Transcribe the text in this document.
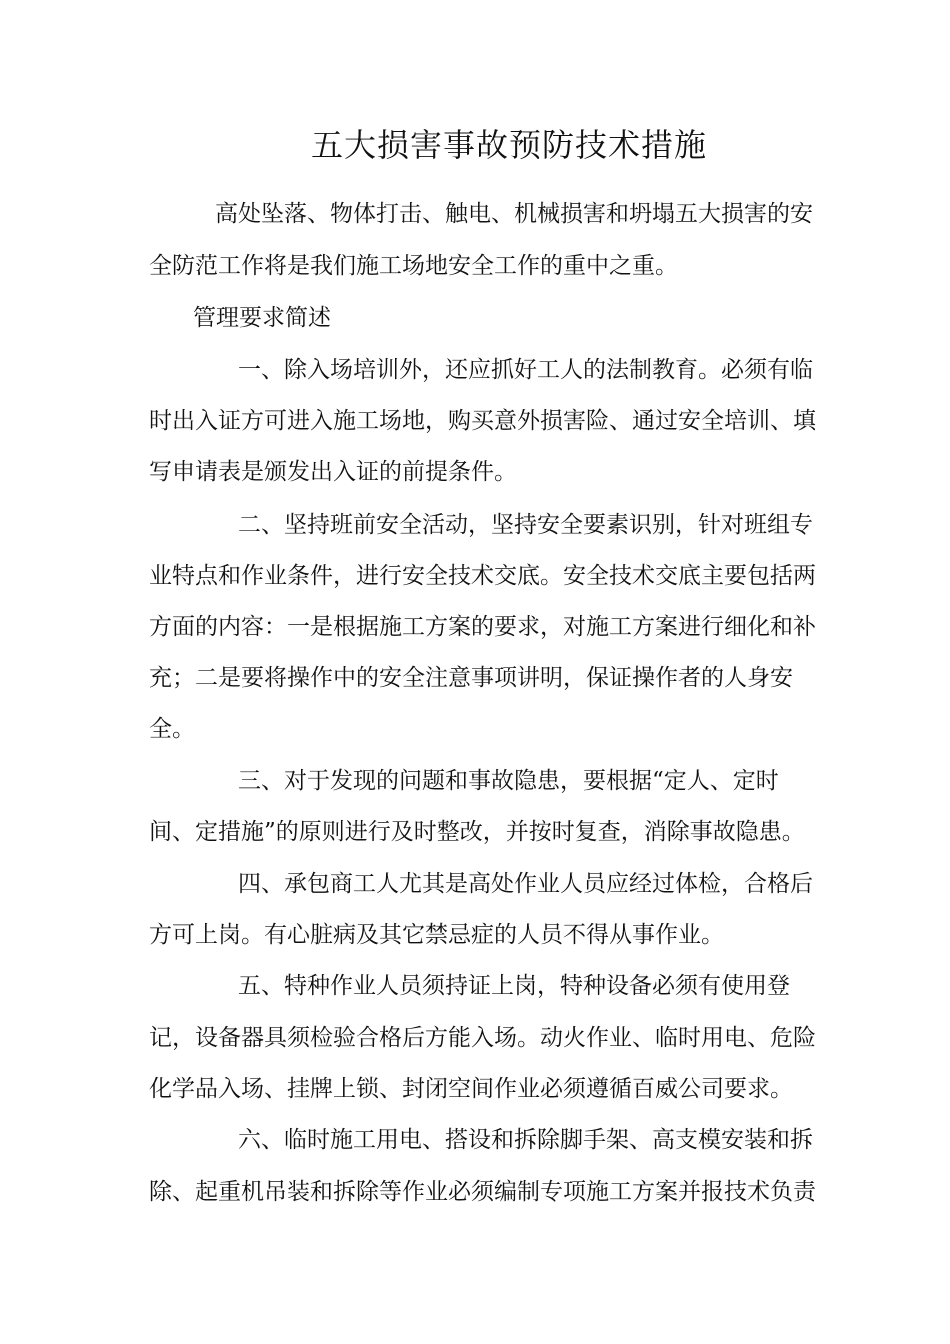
五大损害事故预防技术措施
高处坠落、物体打击、触电、机械损害和坍塌五大损害的安
全防范工作将是我们施工场地安全工作的重中之重。
管理要求简述
一、除入场培训外，还应抓好工人的法制教育。必须有临
时出入证方可进入施工场地，购买意外损害险、通过安全培训、填
写申请表是颁发出入证的前提条件。
二、坚持班前安全活动，坚持安全要素识别，针对班组专
业特点和作业条件，进行安全技术交底。安全技术交底主要包括两
方面的内容：一是根据施工方案的要求，对施工方案进行细化和补
充；二是要将操作中的安全注意事项讲明，保证操作者的人身安
全。
三、对于发现的问题和事故隐患，要根据“定人、定时
间、定措施”的原则进行及时整改，并按时复查，消除事故隐患。
四、承包商工人尤其是高处作业人员应经过体检，合格后
方可上岗。有心脏病及其它禁忌症的人员不得从事作业。
五、特种作业人员须持证上岗，特种设备必须有使用登
记，设备器具须检验合格后方能入场。动火作业、临时用电、危险
化学品入场、挂牌上锁、封闭空间作业必须遵循百威公司要求。
六、临时施工用电、搭设和拆除脚手架、高支模安装和拆
除、起重机吊装和拆除等作业必须编制专项施工方案并报技术负责
